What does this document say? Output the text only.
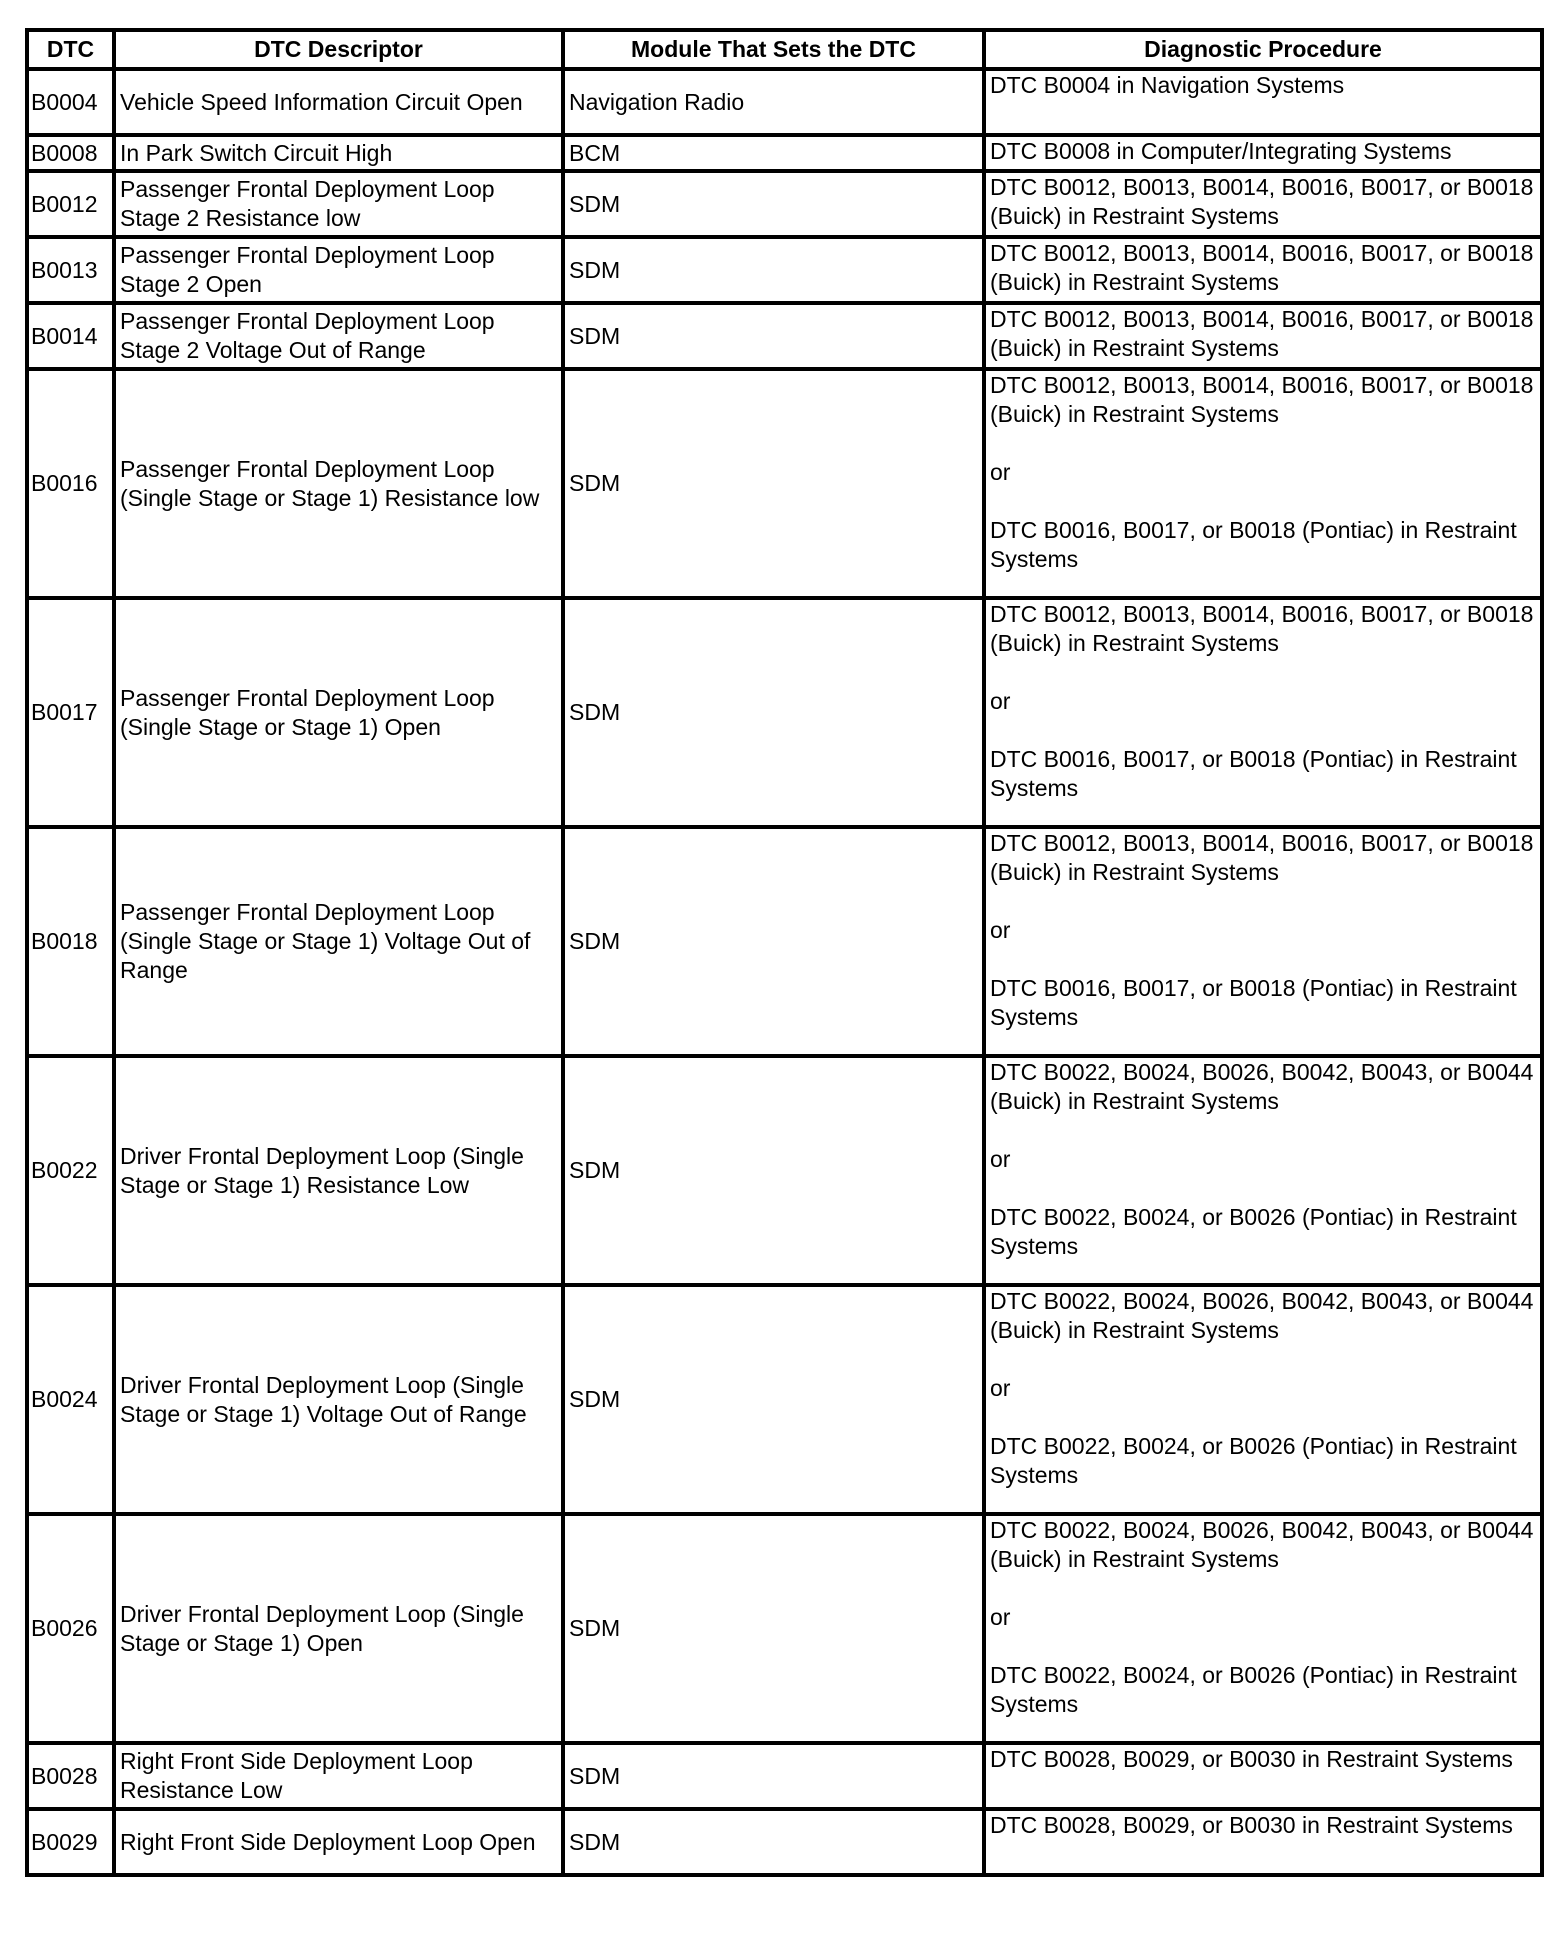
DTC	DTC Descriptor	Module That Sets the DTC	Diagnostic Procedure
B0004	Vehicle Speed Information Circuit Open	Navigation Radio	DTC B0004 in Navigation Systems

B0008	In Park Switch Circuit High	BCM	DTC B0008 in Computer/Integrating Systems

B0012	Passenger Frontal Deployment Loop Stage 2 Resistance low	SDM	DTC B0012, B0013, B0014, B0016, B0017, or B0018 (Buick) in Restraint Systems

B0013	Passenger Frontal Deployment Loop Stage 2 Open	SDM	DTC B0012, B0013, B0014, B0016, B0017, or B0018 (Buick) in Restraint Systems

B0014	Passenger Frontal Deployment Loop Stage 2 Voltage Out of Range	SDM	DTC B0012, B0013, B0014, B0016, B0017, or B0018 (Buick) in Restraint Systems

B0016	Passenger Frontal Deployment Loop (Single Stage or Stage 1) Resistance low	SDM	DTC B0012, B0013, B0014, B0016, B0017, or B0018 (Buick) in Restraint Systems
or
DTC B0016, B0017, or B0018 (Pontiac) in Restraint Systems

B0017	Passenger Frontal Deployment Loop (Single Stage or Stage 1) Open	SDM	DTC B0012, B0013, B0014, B0016, B0017, or B0018 (Buick) in Restraint Systems
or
DTC B0016, B0017, or B0018 (Pontiac) in Restraint Systems

B0018	Passenger Frontal Deployment Loop (Single Stage or Stage 1) Voltage Out of Range	SDM	DTC B0012, B0013, B0014, B0016, B0017, or B0018 (Buick) in Restraint Systems
or
DTC B0016, B0017, or B0018 (Pontiac) in Restraint Systems

B0022	Driver Frontal Deployment Loop (Single Stage or Stage 1) Resistance Low	SDM	DTC B0022, B0024, B0026, B0042, B0043, or B0044 (Buick) in Restraint Systems
or
DTC B0022, B0024, or B0026 (Pontiac) in Restraint Systems

B0024	Driver Frontal Deployment Loop (Single Stage or Stage 1) Voltage Out of Range	SDM	DTC B0022, B0024, B0026, B0042, B0043, or B0044 (Buick) in Restraint Systems
or
DTC B0022, B0024, or B0026 (Pontiac) in Restraint Systems

B0026	Driver Frontal Deployment Loop (Single Stage or Stage 1) Open	SDM	DTC B0022, B0024, B0026, B0042, B0043, or B0044 (Buick) in Restraint Systems
or
DTC B0022, B0024, or B0026 (Pontiac) in Restraint Systems

B0028	Right Front Side Deployment Loop Resistance Low	SDM	DTC B0028, B0029, or B0030 in Restraint Systems

B0029	Right Front Side Deployment Loop Open	SDM	DTC B0028, B0029, or B0030 in Restraint Systems
